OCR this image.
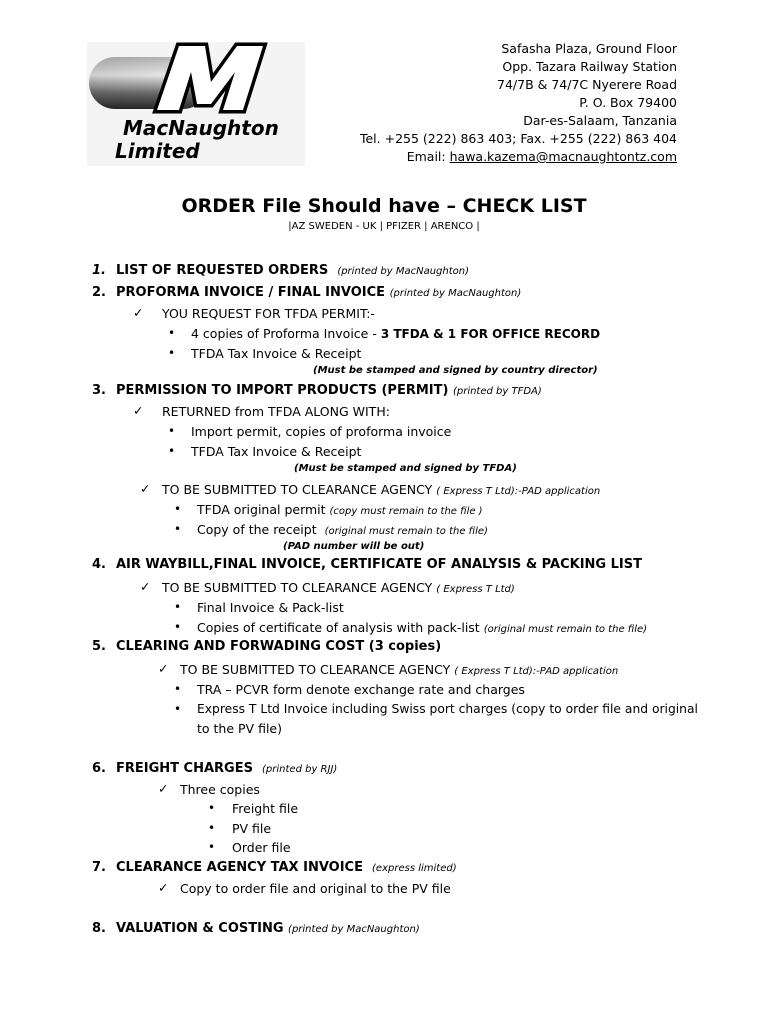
MacNaughton
Limited
Safasha Plaza, Ground Floor
Opp. Tazara Railway Station
74/7B & 74/7C Nyerere Road
P. O. Box 79400
Dar-es-Salaam, Tanzania
Tel. +255 (222) 863 403; Fax. +255 (222) 863 404
Email: hawa.kazema@macnaughtontz.com
ORDER File Should have – CHECK LIST
|AZ SWEDEN - UK | PFIZER | ARENCO |
1. LIST OF REQUESTED ORDERS (printed by MacNaughton)
2. PROFORMA INVOICE / FINAL INVOICE (printed by MacNaughton)
✓ YOU REQUEST FOR TFDA PERMIT:-
• 4 copies of Proforma Invoice - 3 TFDA & 1 FOR OFFICE RECORD
• TFDA Tax Invoice & Receipt
(Must be stamped and signed by country director)
3. PERMISSION TO IMPORT PRODUCTS (PERMIT) (printed by TFDA)
✓ RETURNED from TFDA ALONG WITH:
• Import permit, copies of proforma invoice
• TFDA Tax Invoice & Receipt
(Must be stamped and signed by TFDA)
✓ TO BE SUBMITTED TO CLEARANCE AGENCY ( Express T Ltd):-PAD application
• TFDA original permit (copy must remain to the file )
• Copy of the receipt (original must remain to the file)
(PAD number will be out)
4. AIR WAYBILL,FINAL INVOICE, CERTIFICATE OF ANALYSIS & PACKING LIST
✓ TO BE SUBMITTED TO CLEARANCE AGENCY ( Express T Ltd)
• Final Invoice & Pack-list
• Copies of certificate of analysis with pack-list (original must remain to the file)
5. CLEARING AND FORWADING COST (3 copies)
✓ TO BE SUBMITTED TO CLEARANCE AGENCY ( Express T Ltd):-PAD application
• TRA – PCVR form denote exchange rate and charges
• Express T Ltd Invoice including Swiss port charges (copy to order file and original
to the PV file)
6. FREIGHT CHARGES (printed by RJJ)
✓ Three copies
• Freight file
• PV file
• Order file
7. CLEARANCE AGENCY TAX INVOICE (express limited)
✓ Copy to order file and original to the PV file
8. VALUATION & COSTING (printed by MacNaughton)
